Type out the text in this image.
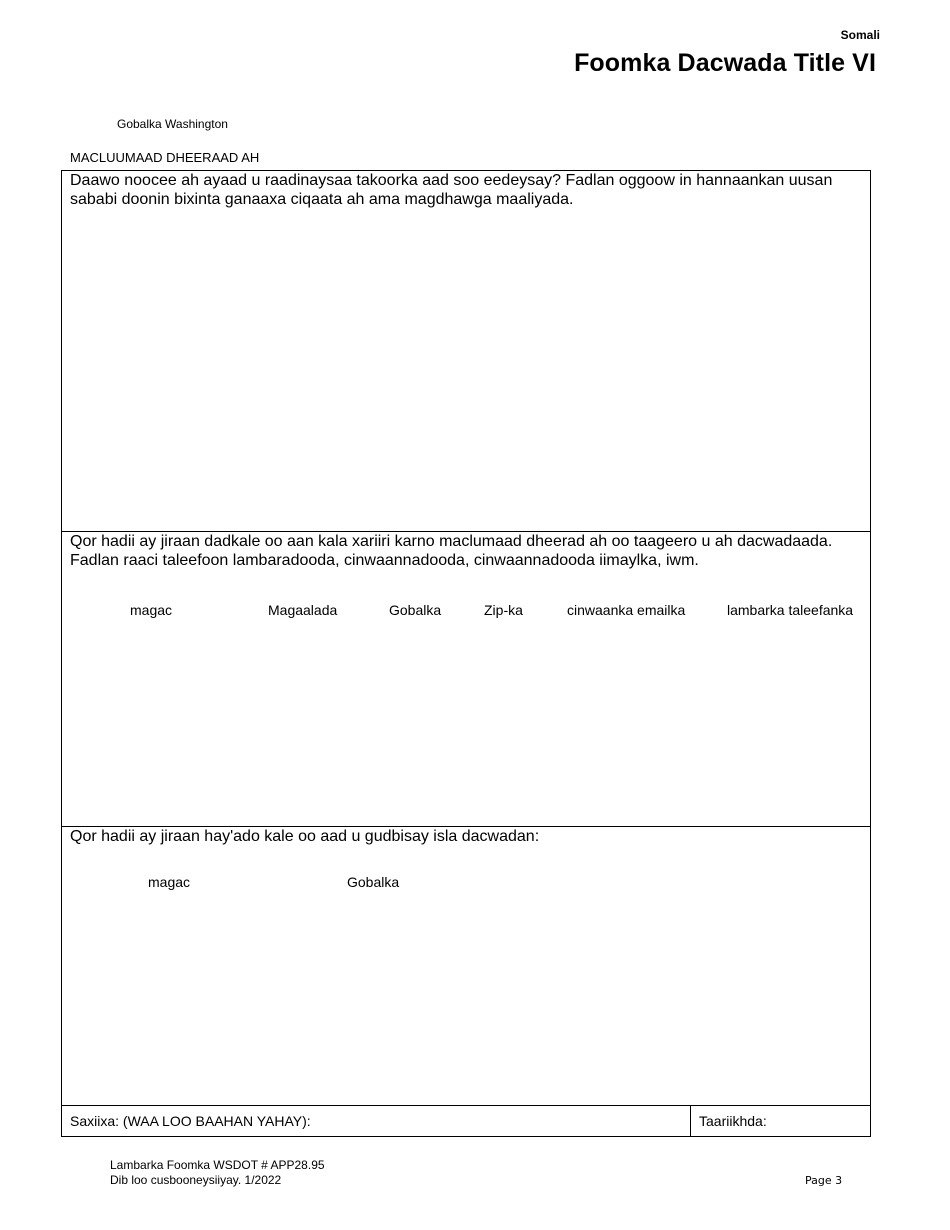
Somali
Foomka Dacwada Title VI
Gobalka Washington
MACLUUMAAD DHEERAAD AH
Daawo noocee ah ayaad u raadinaysaa takoorka aad soo eedeysay? Fadlan oggoow in hannaankan uusan sababi doonin bixinta ganaaxa ciqaata ah ama magdhawga maaliyada.
Qor hadii ay jiraan dadkale oo aan kala xariiri karno maclumaad dheerad ah oo taageero u ah dacwadaada. Fadlan raaci taleefoon lambaradooda, cinwaannadooda, cinwaannadooda iimaylka, iwm.
magac	Magaalada	Gobalka	Zip-ka	cinwaanka emailka	lambarka taleefanka
Qor hadii ay jiraan hay'ado kale oo aad u gudbisay isla dacwadan:
magac	Gobalka
Saxiixa: (WAA LOO BAAHAN YAHAY):	Taariikhda:
Lambarka Foomka WSDOT # APP28.95
Dib loo cusbooneysiiyay. 1/2022	Page 3
